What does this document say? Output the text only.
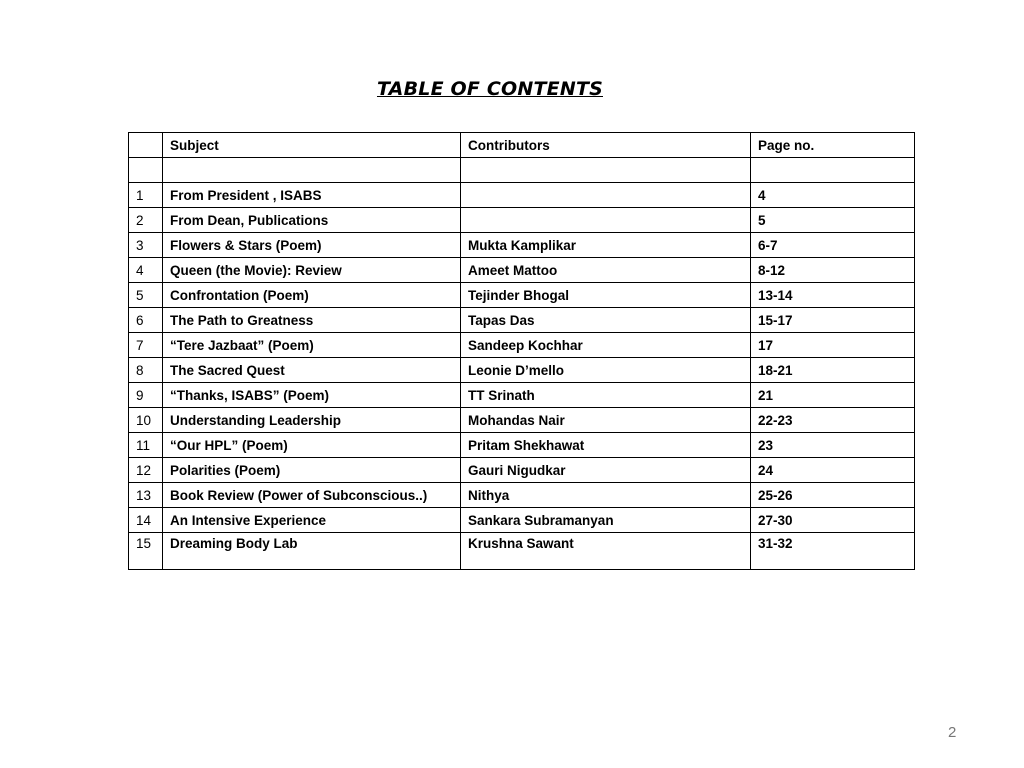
TABLE OF CONTENTS
	Subject	Contributors	Page no.

1	From President , ISABS		4
2	From Dean, Publications		5
3	Flowers & Stars (Poem)	Mukta Kamplikar	6-7
4	Queen (the Movie): Review	Ameet Mattoo	8-12
5	Confrontation (Poem)	Tejinder Bhogal	13-14
6	The Path to Greatness	Tapas Das	15-17
7	“Tere Jazbaat” (Poem)	Sandeep Kochhar	17
8	The Sacred Quest	Leonie D’mello	18-21
9	“Thanks, ISABS” (Poem)	TT Srinath	21
10	Understanding Leadership	Mohandas Nair	22-23
11	“Our HPL” (Poem)	Pritam Shekhawat	23
12	Polarities (Poem)	Gauri Nigudkar	24
13	Book Review (Power of Subconscious..)	Nithya	25-26
14	An Intensive Experience	Sankara Subramanyan	27-30
15	Dreaming Body Lab	Krushna Sawant	31-32
2
